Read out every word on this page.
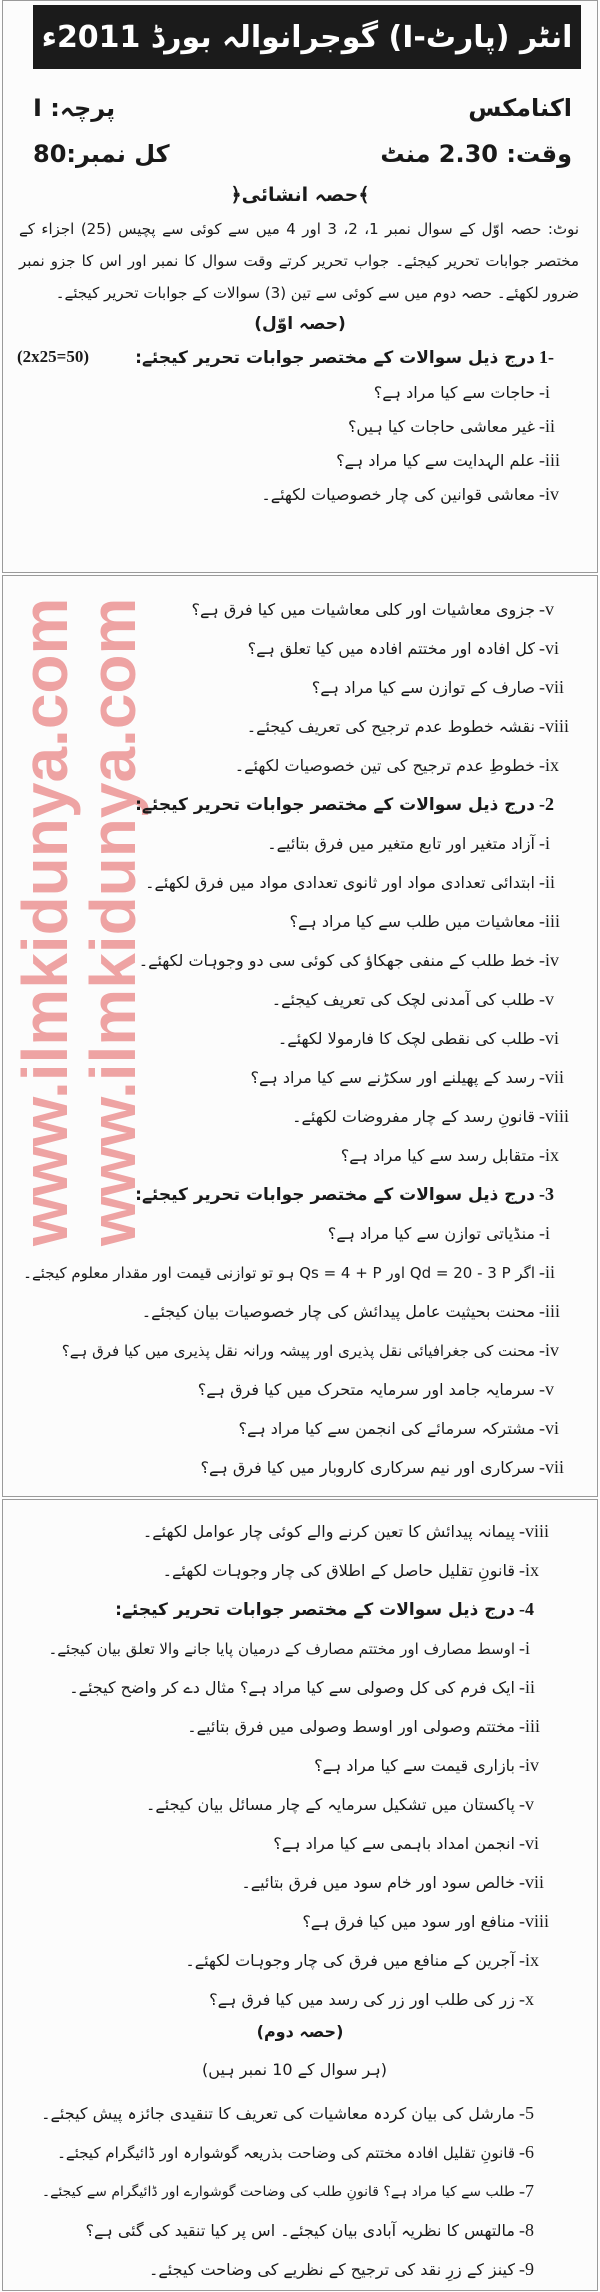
انٹر (پارٹ-I) گوجرانوالہ بورڈ 2011ء
اکنامکس
پرچہ: I
وقت: 2.30 منٹ
کل نمبر:80
﴾حصہ انشائی﴿
نوٹ: حصہ اوّل کے سوال نمبر 1، 2، 3 اور 4 میں سے کوئی سے پچیس (25) اجزاء کے مختصر جوابات تحریر کیجئے۔ جواب تحریر کرتے وقت سوال کا نمبر اور اس کا جزو نمبر ضرور لکھئے۔ حصہ دوم میں سے کوئی سے تین (3) سوالات کے جوابات تحریر کیجئے۔
(حصہ اوّل)
1-
درج ذیل سوالات کے مختصر جوابات تحریر کیجئے:
(2x25=50)
-i
حاجات سے کیا مراد ہے؟
-ii
غیر معاشی حاجات کیا ہیں؟
-iii
علم الہدایت سے کیا مراد ہے؟
-iv
معاشی قوانین کی چار خصوصیات لکھئے۔
www.ilmkidunya.com
www.ilmkidunya.com	-v
جزوی معاشیات اور کلی معاشیات میں کیا فرق ہے؟
-vi
کل افادہ اور مختتم افادہ میں کیا تعلق ہے؟
-vii
صارف کے توازن سے کیا مراد ہے؟
-viii
نقشہ خطوط عدم ترجیح کی تعریف کیجئے۔
-ix
خطوطِ عدم ترجیح کی تین خصوصیات لکھئے۔
-2
درج ذیل سوالات کے مختصر جوابات تحریر کیجئے:
-i
آزاد متغیر اور تابع متغیر میں فرق بتائیے۔
-ii
ابتدائی تعدادی مواد اور ثانوی تعدادی مواد میں فرق لکھئے۔
-iii
معاشیات میں طلب سے کیا مراد ہے؟
-iv
خط طلب کے منفی جھکاؤ کی کوئی سی دو وجوہات لکھئے۔
-v
طلب کی آمدنی لچک کی تعریف کیجئے۔
-vi
طلب کی نقطی لچک کا فارمولا لکھئے۔
-vii
رسد کے پھیلنے اور سکڑنے سے کیا مراد ہے؟
-viii
قانونِ رسد کے چار مفروضات لکھئے۔
-ix
متقابل رسد سے کیا مراد ہے؟
-3
درج ذیل سوالات کے مختصر جوابات تحریر کیجئے:
-i
منڈیاتی توازن سے کیا مراد ہے؟
-ii
اگر Qd = 20 - 3 P اور Qs = 4 + P ہو تو توازنی قیمت اور مقدار معلوم کیجئے۔
-iii
محنت بحیثیت عامل پیدائش کی چار خصوصیات بیان کیجئے۔
-iv
محنت کی جغرافیائی نقل پذیری اور پیشہ ورانہ نقل پذیری میں کیا فرق ہے؟
-v
سرمایہ جامد اور سرمایہ متحرک میں کیا فرق ہے؟
-vi
مشترکہ سرمائے کی انجمن سے کیا مراد ہے؟
-vii
سرکاری اور نیم سرکاری کاروبار میں کیا فرق ہے؟
-viii
پیمانہ پیدائش کا تعین کرنے والے کوئی چار عوامل لکھئے۔
-ix
قانونِ تقلیل حاصل کے اطلاق کی چار وجوہات لکھئے۔
-4
درج ذیل سوالات کے مختصر جوابات تحریر کیجئے:
-i
اوسط مصارف اور مختتم مصارف کے درمیان پایا جانے والا تعلق بیان کیجئے۔
-ii
ایک فرم کی کل وصولی سے کیا مراد ہے؟ مثال دے کر واضح کیجئے۔
-iii
مختتم وصولی اور اوسط وصولی میں فرق بتائیے۔
-iv
بازاری قیمت سے کیا مراد ہے؟
-v
پاکستان میں تشکیل سرمایہ کے چار مسائل بیان کیجئے۔
-vi
انجمن امداد باہمی سے کیا مراد ہے؟
-vii
خالص سود اور خام سود میں فرق بتائیے۔
-viii
منافع اور سود میں کیا فرق ہے؟
-ix
آجرین کے منافع میں فرق کی چار وجوہات لکھئے۔
-x
زر کی طلب اور زر کی رسد میں کیا فرق ہے؟
(حصہ دوم)
(ہر سوال کے 10 نمبر ہیں)
-5
مارشل کی بیان کردہ معاشیات کی تعریف کا تنقیدی جائزہ پیش کیجئے۔
-6
قانونِ تقلیل افادہ مختتم کی وضاحت بذریعہ گوشوارہ اور ڈائیگرام کیجئے۔
-7
طلب سے کیا مراد ہے؟ قانونِ طلب کی وضاحت گوشوارے اور ڈائیگرام سے کیجئے۔
-8
مالتھس کا نظریہ آبادی بیان کیجئے۔ اس پر کیا تنقید کی گئی ہے؟
-9
کینز کے زرِ نقد کی ترجیح کے نظریے کی وضاحت کیجئے۔
